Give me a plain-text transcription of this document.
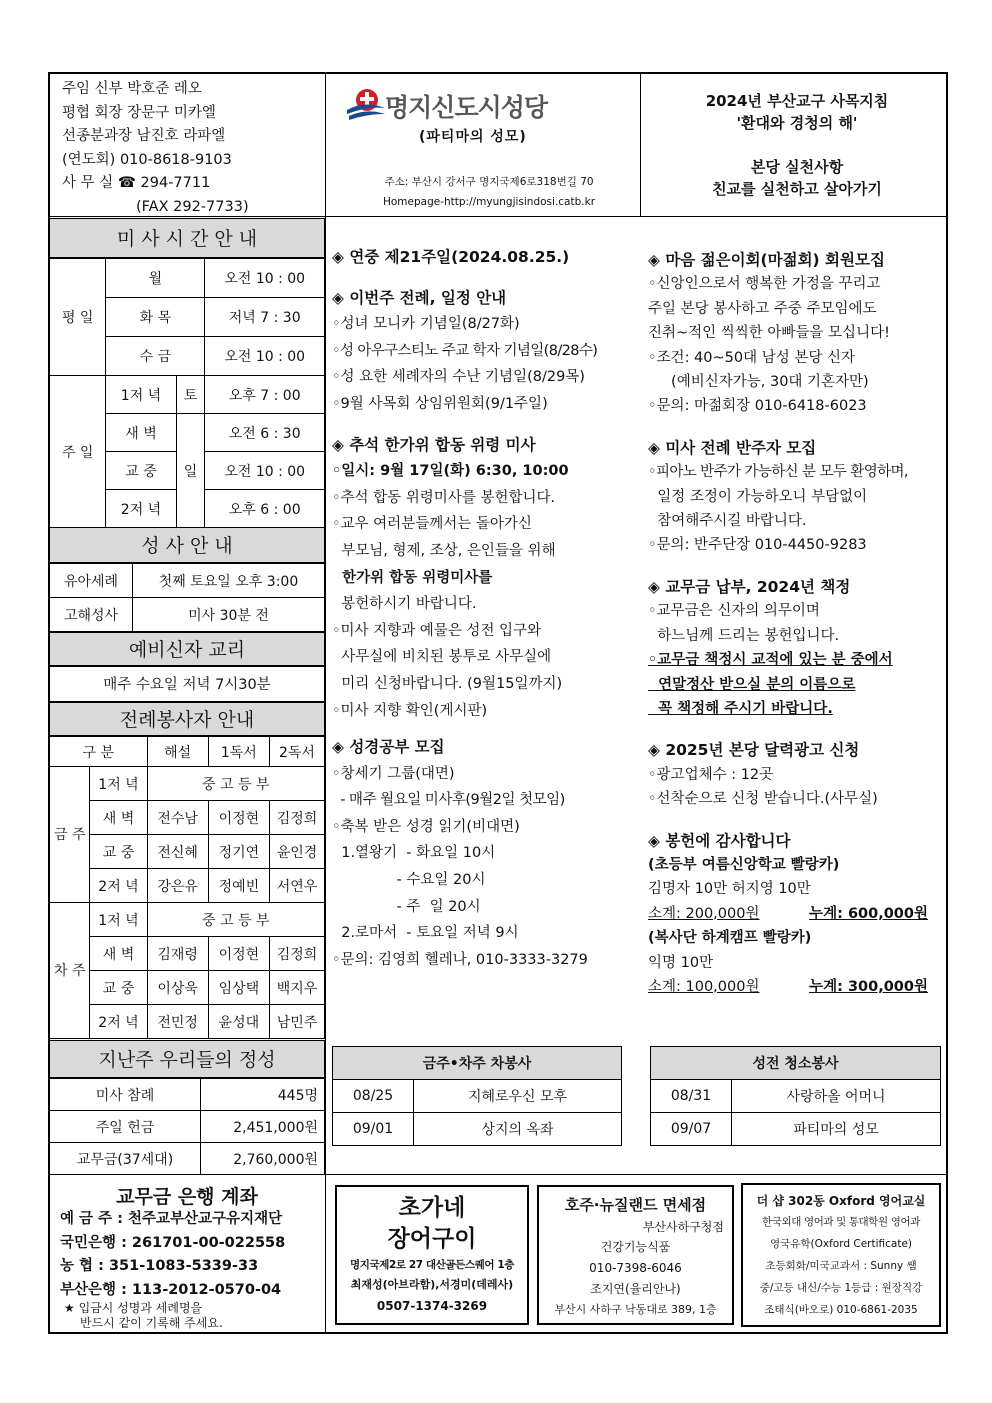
주임 신부 박호준 레오
평협 회장 장문구 미카엘
선종분과장 남진호 라파엘
(연도회) 010-8618-9103
사 무 실 ☎ 294-7711
(FAX 292-7733)
명지신도시성당
(파티마의 성모)
주소: 부산시 강서구 명지국제6로318번길 70
Homepage-http://myungjisindosi.catb.kr
2024년 부산교구 사목지침
'환대와 경청의 해'
본당 실천사항
친교를 실천하고 살아가기
미 사 시 간 안 내
평 일	월		오전 10 : 00
	화 목		저녁 7 : 30
	수 금		오전 10 : 00
주 일	1저 녁	토	오후 7 : 00
	새 벽	일	오전 6 : 30
	교 중		오전 10 : 00
	2저 녁		오후 6 : 00
성 사 안 내
유아세례	첫째 토요일 오후 3:00
고해성사	미사 30분 전
예비신자 교리
매주 수요일 저녁 7시30분
전례봉사자 안내
구 분		해설	1독서	2독서
금 주	1저 녁	중 고 등 부		
	새 벽	전수남	이정현	김정희
	교 중	전신혜	정기연	윤인경
	2저 녁	강은유	정예빈	서연우
차 주	1저 녁	중 고 등 부		
	새 벽	김재령	이정현	김정희
	교 중	이상욱	임상택	백지우
	2저 녁	전민정	윤성대	남민주
지난주 우리들의 정성
미사 참례	445명
주일 헌금	2,451,000원
교무금(37세대)	2,760,000원
교무금 은행 계좌
예 금 주 : 천주교부산교구유지재단
국민은행 : 261701-00-022558
농 협 : 351-1083-5339-33
부산은행 : 113-2012-0570-04
★ 입금시 성명과 세례명을
반드시 같이 기록해 주세요.
◈ 연중 제21주일(2024.08.25.)
◈ 이번주 전례, 일정 안내
◦성녀 모니카 기념일(8/27화)
◦성 아우구스티노 주교 학자 기념일(8/28수)
◦성 요한 세례자의 수난 기념일(8/29목)
◦9월 사목회 상임위원회(9/1주일)
◈ 추석 한가위 합동 위령 미사
◦일시: 9월 17일(화) 6:30, 10:00
◦추석 합동 위령미사를 봉헌합니다.
◦교우 여러분들께서는 돌아가신
부모님, 형제, 조상, 은인들을 위해
한가위 합동 위령미사를
봉헌하시기 바랍니다.
◦미사 지향과 예물은 성전 입구와
사무실에 비치된 봉투로 사무실에
미리 신청바랍니다. (9월15일까지)
◦미사 지향 확인(게시판)
◈ 성경공부 모집
◦창세기 그룹(대면)
- 매주 월요일 미사후(9월2일 첫모임)
◦축복 받은 성경 읽기(비대면)
1.열왕기  - 화요일 10시
- 수요일 20시
- 주  일 20시
2.로마서  - 토요일 저녁 9시
◦문의: 김영희 헬레나, 010-3333-3279
◈ 마음 젊은이회(마젊회) 회원모집
◦신앙인으로서 행복한 가정을 꾸리고
주일 본당 봉사하고 주중 주모임에도
진취~적인 씩씩한 아빠들을 모십니다!
◦조건: 40~50대 남성 본당 신자
(예비신자가능, 30대 기혼자만)
◦문의: 마젊회장 010-6418-6023
◈ 미사 전례 반주자 모집
◦피아노 반주가 가능하신 분 모두 환영하며,
일정 조정이 가능하오니 부담없이
참여해주시길 바랍니다.
◦문의: 반주단장 010-4450-9283
◈ 교무금 납부, 2024년 책정
◦교무금은 신자의 의무이며
하느님께 드리는 봉헌입니다.
◦교무금 책정시 교적에 있는 분 중에서
연말정산 받으실 분의 이름으로
꼭 책정해 주시기 바랍니다.
◈ 2025년 본당 달력광고 신청
◦광고업체수 : 12곳
◦선착순으로 신청 받습니다.(사무실)
◈ 봉헌에 감사합니다
(초등부 여름신앙학교 빨랑카)
김명자 10만 허지영 10만
소계: 200,000원	누계: 600,000원
(복사단 하계캠프 빨랑카)
익명 10만
소계: 100,000원	누계: 300,000원
금주•차주 차봉사	
08/25	지혜로우신 모후
09/01	상지의 옥좌
성전 청소봉사	
08/31	사랑하올 어머니
09/07	파티마의 성모
초가네
장어구이
명지국제2로 27 대산골든스퀘어 1층
최재성(아브라함),서경미(데레사)
0507-1374-3269
호주·뉴질랜드 면세점
부산사하구청점
건강기능식품
010-7398-6046
조지연(율리안나)
부산시 사하구 낙동대로 389, 1층
더 샵 302동 Oxford 영어교실
한국외대 영어과 및 통대학원 영어과
영국유학(Oxford Certificate)
초등회화/미국교과서 : Sunny 쌤
중/고등 내신/수능 1등급 : 원장직강
조태식(바오로) 010-6861-2035
